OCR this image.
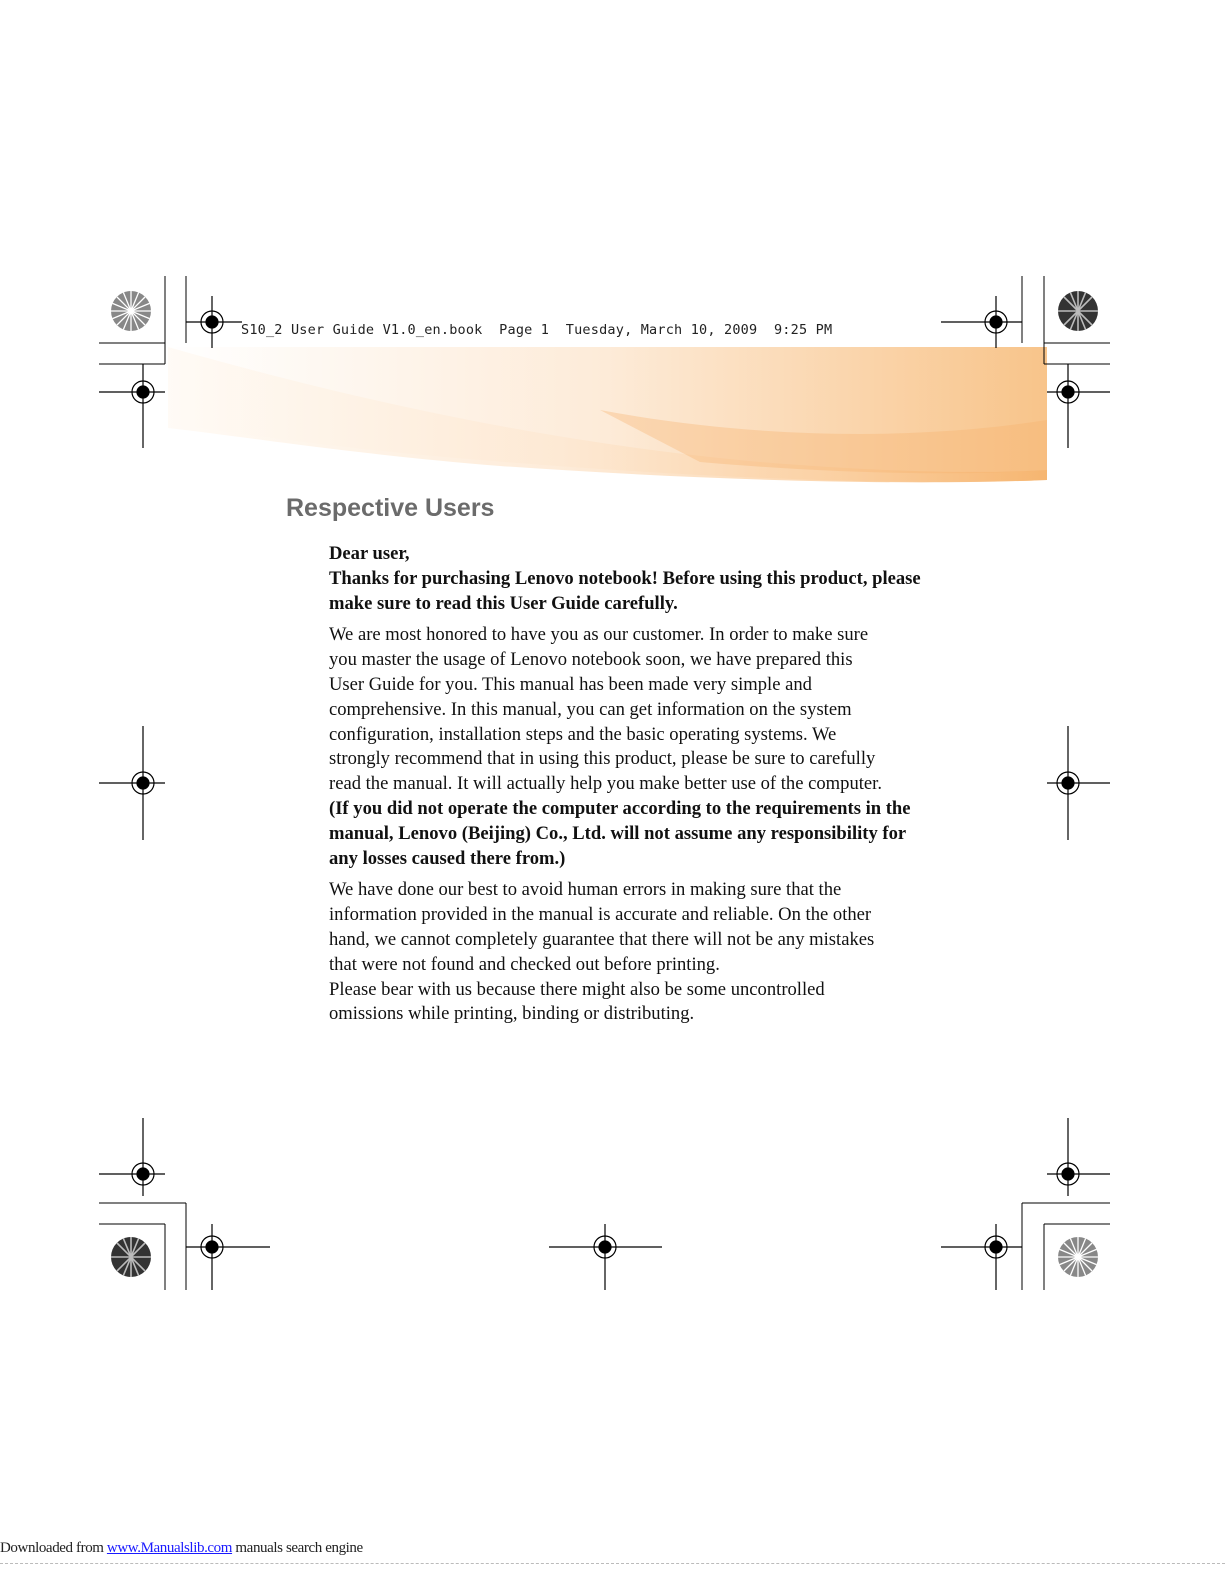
S10_2 User Guide V1.0_en.book  Page 1  Tuesday, March 10, 2009  9:25 PM
Respective Users

Dear user,

Thanks for purchasing Lenovo notebook! Before using this product, please make sure to read this User Guide carefully.

We are most honored to have you as our customer. In order to make sure

you master the usage of Lenovo notebook soon, we have prepared this

User Guide for you. This manual has been made very simple and

comprehensive. In this manual, you can get information on the system

configuration, installation steps and the basic operating systems. We

strongly recommend that in using this product, please be sure to carefully

read the manual. It will actually help you make better use of the computer.

(If you did not operate the computer according to the requirements in the

manual, Lenovo (Beijing) Co., Ltd. will not assume any responsibility for

any losses caused there from.)

We have done our best to avoid human errors in making sure that the

information provided in the manual is accurate and reliable. On the other

hand, we cannot completely guarantee that there will not be any mistakes

that were not found and checked out before printing.

Please bear with us because there might also be some uncontrolled

omissions while printing, binding or distributing.

Downloaded from www.Manualslib.com manuals search engine
